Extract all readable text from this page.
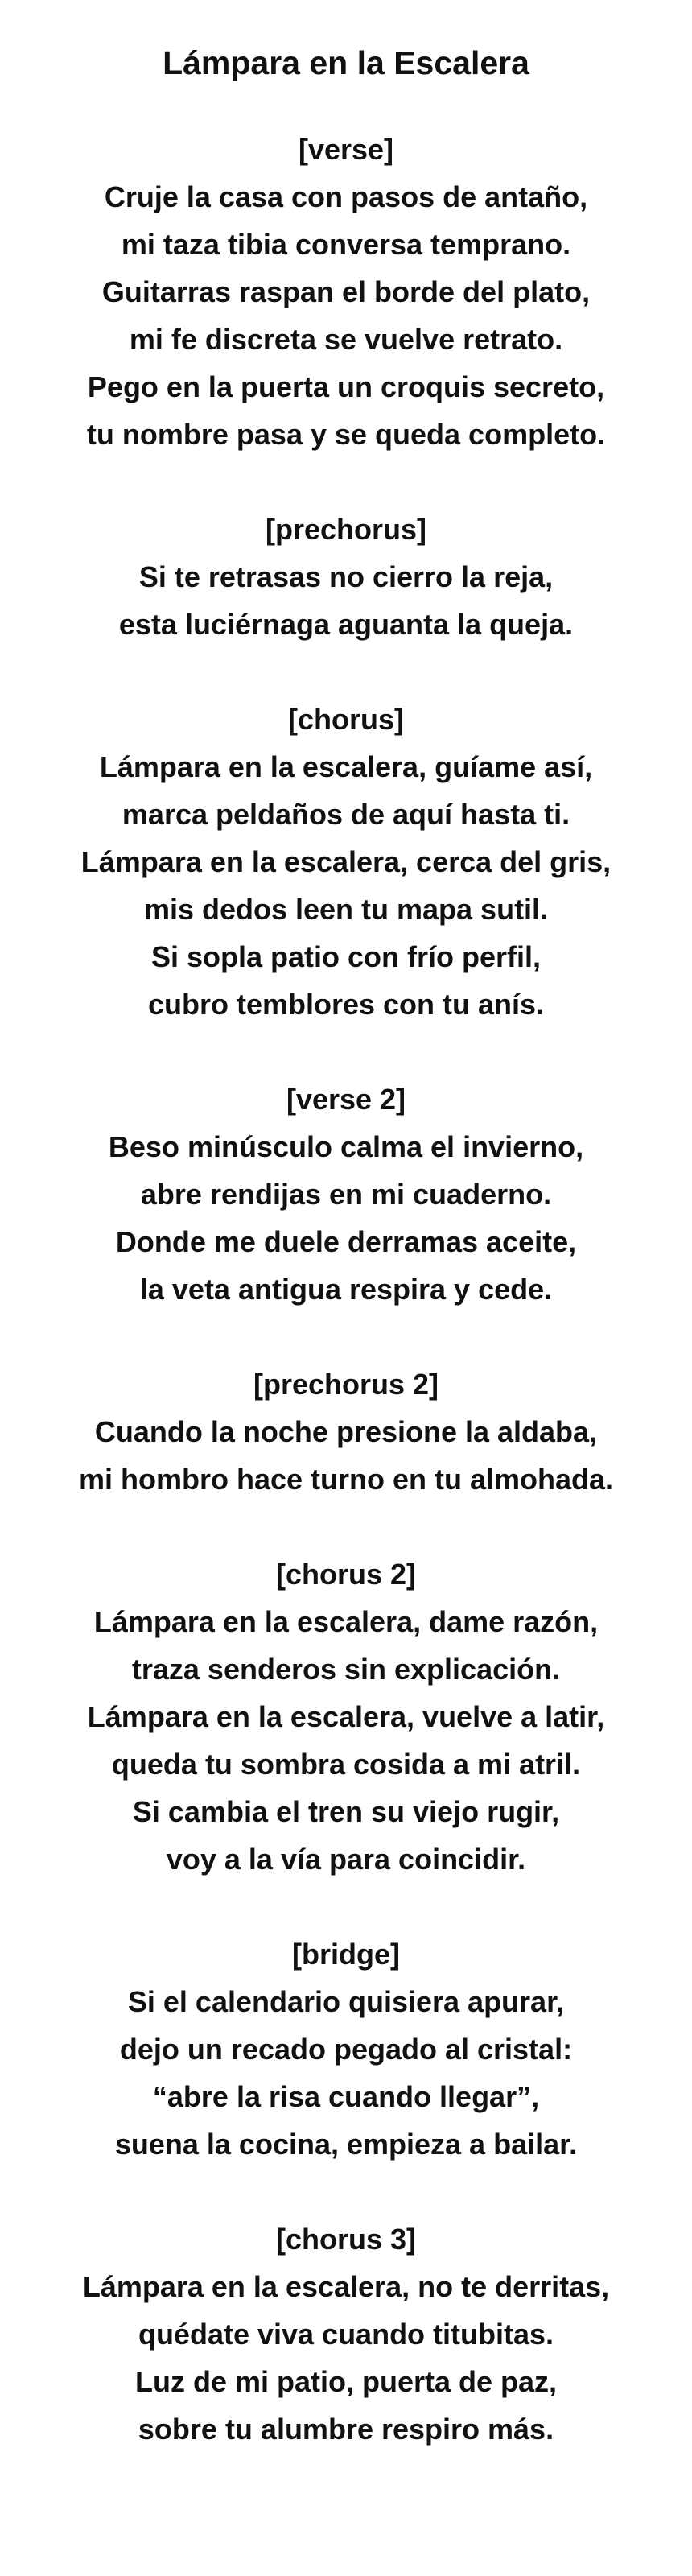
Lámpara en la Escalera

[verse]

Cruje la casa con pasos de antaño,

mi taza tibia conversa temprano.

Guitarras raspan el borde del plato,

mi fe discreta se vuelve retrato.

Pego en la puerta un croquis secreto,

tu nombre pasa y se queda completo.

[prechorus]

Si te retrasas no cierro la reja,

esta luciérnaga aguanta la queja.

[chorus]

Lámpara en la escalera, guíame así,

marca peldaños de aquí hasta ti.

Lámpara en la escalera, cerca del gris,

mis dedos leen tu mapa sutil.

Si sopla patio con frío perfil,

cubro temblores con tu anís.

[verse 2]

Beso minúsculo calma el invierno,

abre rendijas en mi cuaderno.

Donde me duele derramas aceite,

la veta antigua respira y cede.

[prechorus 2]

Cuando la noche presione la aldaba,

mi hombro hace turno en tu almohada.

[chorus 2]

Lámpara en la escalera, dame razón,

traza senderos sin explicación.

Lámpara en la escalera, vuelve a latir,

queda tu sombra cosida a mi atril.

Si cambia el tren su viejo rugir,

voy a la vía para coincidir.

[bridge]

Si el calendario quisiera apurar,

dejo un recado pegado al cristal:

“abre la risa cuando llegar”,

suena la cocina, empieza a bailar.

[chorus 3]

Lámpara en la escalera, no te derritas,

quédate viva cuando titubitas.

Luz de mi patio, puerta de paz,

sobre tu alumbre respiro más.
